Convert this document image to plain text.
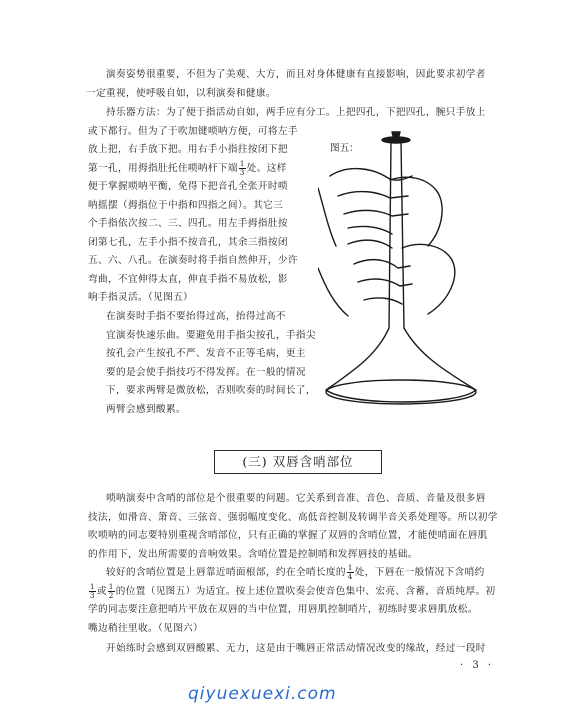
演奏姿势很重要，不但为了美观、大方，而且对身体健康有直接影响，因此要求初学者
一定重视，使呼吸自如，以利演奏和健康。

持乐器方法：为了便于指活动自如，两手应有分工。上把四孔，下把四孔，腕只手放上
或下都行。但为了于吹加键唢呐方便，可将左手
放上把，右手放下把。用右手小指拄按闭下把
第一孔，用拇指肚托住唢呐杆下端 $\frac{1}{3}$ 处。这样
便于掌握唢呐平衡，免得下把音孔全张开时唢
呐摇摆（拇指位于中指和四指之间）。其它三
个手指依次按二、三、四孔。用左手拇指肚按
闭第七孔，左手小指不按音孔，其余三指按闭
五、六、八孔。在演奏时将手指自然伸开，少许
弯曲，不宜伸得太直，伸直手指不易放松，影
响手指灵活。（见图五）

图五：

在演奏时手指不要抬得过高，抬得过高不
宜演奏快速乐曲。要避免用手指尖按孔，手指尖
按孔会产生按孔不严、发音不正等毛病，更主
要的是会使手指技巧不得发挥。在一般的情况
下，要求两臂是微放松，否则吹奏的时间长了，
两臂会感到酸累。

(三) 双唇含哨部位

唢呐演奏中含哨的部位是个很重要的问题。它关系到音准、音色、音质、音量及很多唇
技法，如滑音、箫音、三弦音、强弱幅度变化、高低音控制及转调半音关系处理等。所以初学
吹唢呐的同志要特别重视含哨部位，只有正确的掌握了双唇的含哨位置，才能使哨面在唇肌
的作用下，发出所需要的音响效果。含哨位置是控制哨和发挥唇技的基础。

较好的含哨位置是上唇靠近哨面根部，约在全哨长度的 $\frac{1}{4}$ 处，下唇在一般情况下含哨约
$\frac{1}{3}$ 或 $\frac{1}{2}$ 的位置（见图五）为适宜。按上述位置吹奏会使音色集中、宏亮、含蓄，音质纯厚。初
学的同志要注意把哨片平放在双唇的当中位置，用唇肌控制哨片，初练时要求唇肌放松。
嘴边稍往里收。（见图六）

开始练时会感到双唇酸累、无力，这是由于嘴唇正常活动情况改变的缘故，经过一段时

· 3 ·
qiyuexuexi.com
